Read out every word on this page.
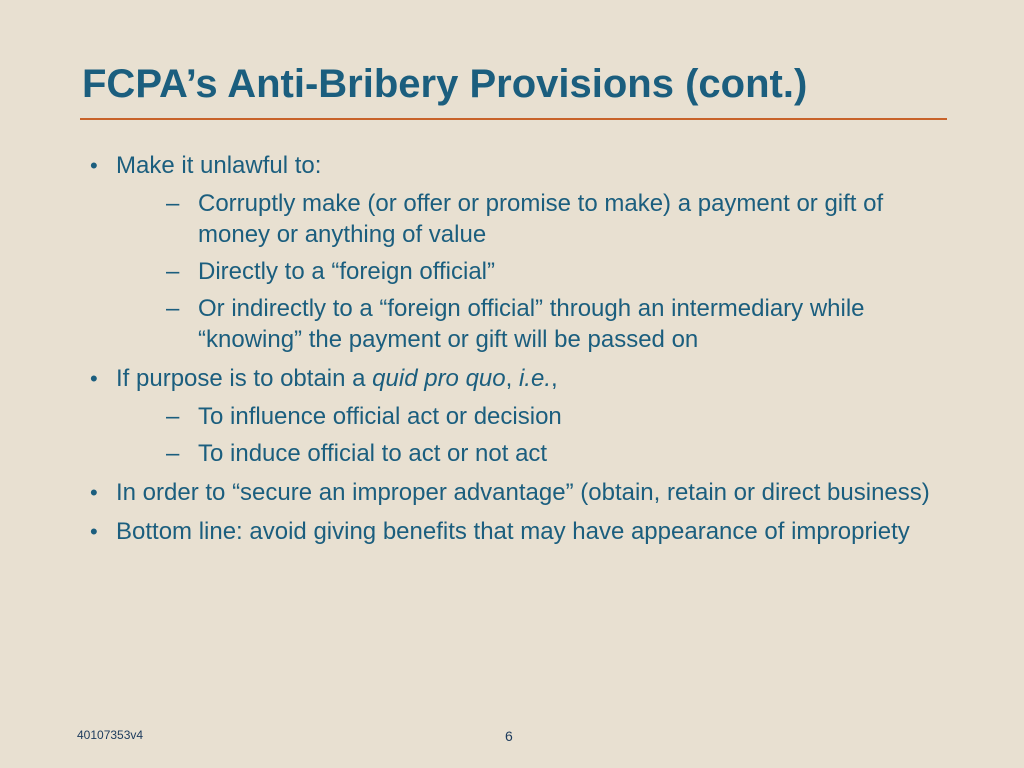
FCPA’s Anti-Bribery Provisions (cont.)
• Make it unlawful to:
– Corruptly make (or offer or promise to make) a payment or gift of money or anything of value
– Directly to a “foreign official”
– Or indirectly to a “foreign official” through an intermediary while “knowing” the payment or gift will be passed on
• If purpose is to obtain a quid pro quo, i.e.,
– To influence official act or decision
– To induce official to act or not act
• In order to “secure an improper advantage” (obtain, retain or direct business)
• Bottom line: avoid giving benefits that may have appearance of impropriety
40107353v4	6
